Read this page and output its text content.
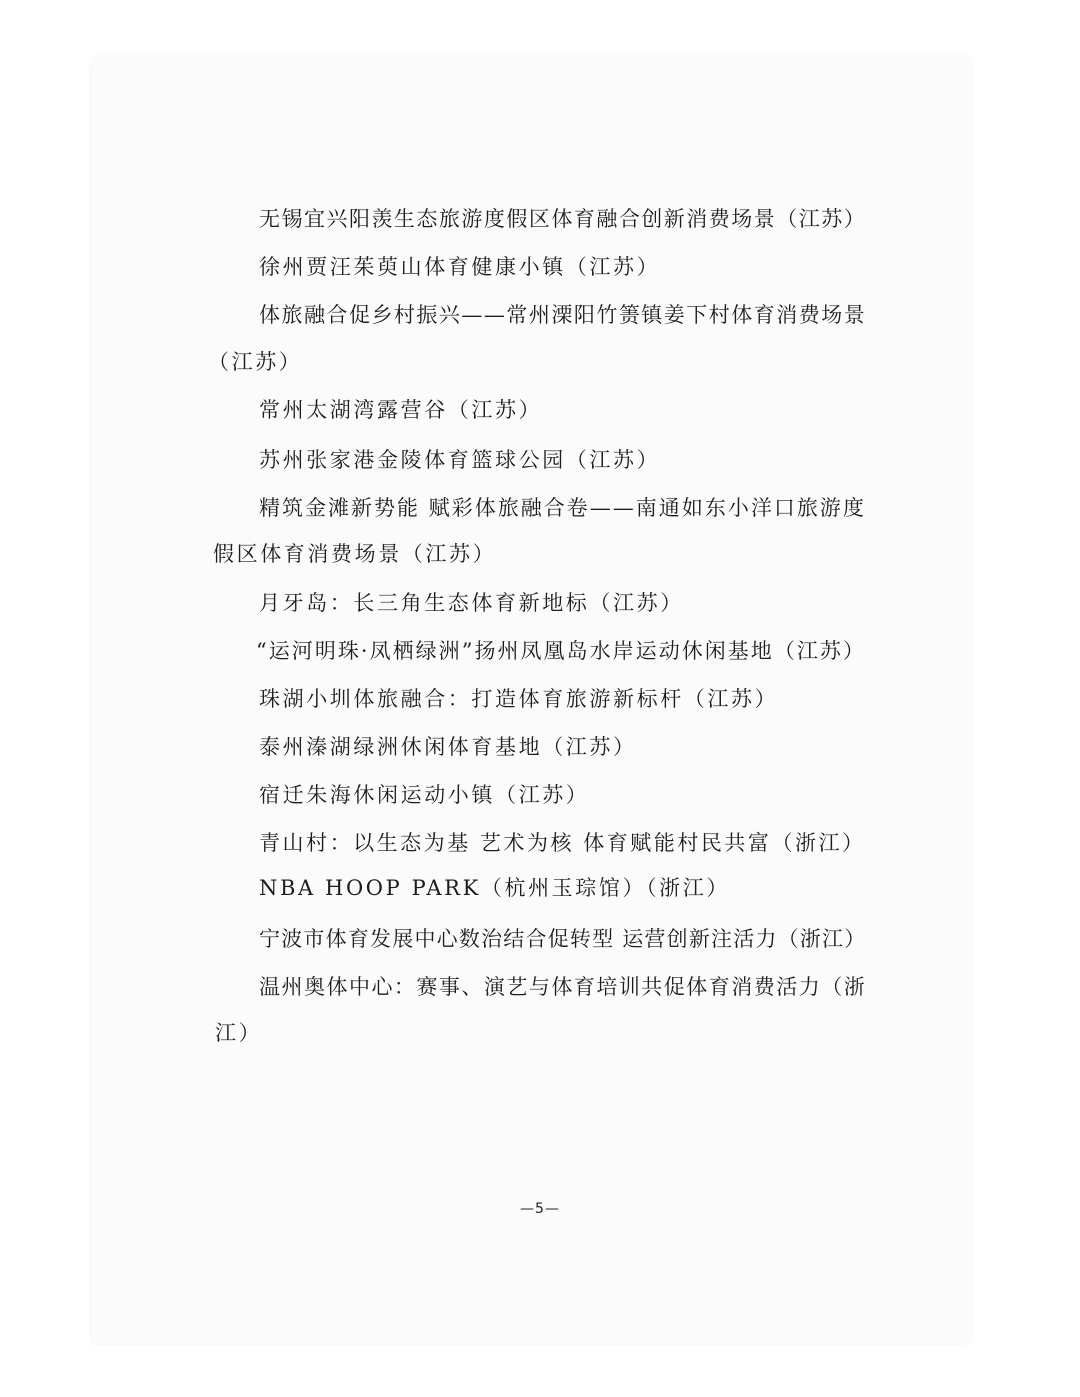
无锡宜兴阳羡生态旅游度假区体育融合创新消费场景（江苏）
徐州贾汪茱萸山体育健康小镇（江苏）
体旅融合促乡村振兴——常州溧阳竹箦镇姜下村体育消费场景
（江苏）
常州太湖湾露营谷（江苏）
苏州张家港金陵体育篮球公园（江苏）
精筑金滩新势能 赋彩体旅融合卷——南通如东小洋口旅游度
假区体育消费场景（江苏）
月牙岛：长三角生态体育新地标（江苏）
“运河明珠·凤栖绿洲”扬州凤凰岛水岸运动休闲基地（江苏）
珠湖小圳体旅融合：打造体育旅游新标杆（江苏）
泰州溱湖绿洲休闲体育基地（江苏）
宿迁朱海休闲运动小镇（江苏）
青山村：以生态为基 艺术为核 体育赋能村民共富（浙江）
NBA HOOP PARK（杭州玉琮馆）（浙江）
宁波市体育发展中心数治结合促转型 运营创新注活力（浙江）
温州奥体中心：赛事、演艺与体育培训共促体育消费活力（浙
江）
—5—
